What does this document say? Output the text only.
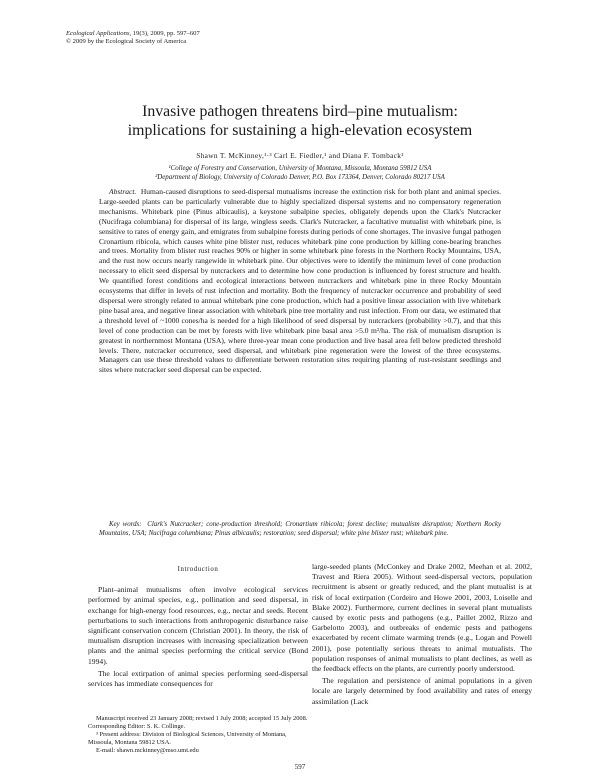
Ecological Applications, 19(3), 2009, pp. 597–607
© 2009 by the Ecological Society of America
Invasive pathogen threatens bird–pine mutualism:
implications for sustaining a high-elevation ecosystem
Shawn T. McKinney,¹·³ Carl E. Fiedler,¹ and Diana F. Tomback²
¹College of Forestry and Conservation, University of Montana, Missoula, Montana 59812 USA
²Department of Biology, University of Colorado Denver, P.O. Box 173364, Denver, Colorado 80217 USA

Abstract. Human-caused disruptions to seed-dispersal mutualisms increase the extinction risk for both plant and animal species. Large-seeded plants can be particularly vulnerable due to highly specialized dispersal systems and no compensatory regeneration mechanisms. Whitebark pine (Pinus albicaulis), a keystone subalpine species, obligately depends upon the Clark's Nutcracker (Nucifraga columbiana) for dispersal of its large, wingless seeds. Clark's Nutcracker, a facultative mutualist with whitebark pine, is sensitive to rates of energy gain, and emigrates from subalpine forests during periods of cone shortages. The invasive fungal pathogen Cronartium ribicola, which causes white pine blister rust, reduces whitebark pine cone production by killing cone-bearing branches and trees. Mortality from blister rust reaches 90% or higher in some whitebark pine forests in the Northern Rocky Mountains, USA, and the rust now occurs nearly rangewide in whitebark pine. Our objectives were to identify the minimum level of cone production necessary to elicit seed dispersal by nutcrackers and to determine how cone production is influenced by forest structure and health. We quantified forest conditions and ecological interactions between nutcrackers and whitebark pine in three Rocky Mountain ecosystems that differ in levels of rust infection and mortality. Both the frequency of nutcracker occurrence and probability of seed dispersal were strongly related to annual whitebark pine cone production, which had a positive linear association with live whitebark pine basal area, and negative linear association with whitebark pine tree mortality and rust infection. From our data, we estimated that a threshold level of ~1000 cones/ha is needed for a high likelihood of seed dispersal by nutcrackers (probability >0.7), and that this level of cone production can be met by forests with live whitebark pine basal area >5.0 m²/ha. The risk of mutualism disruption is greatest in northernmost Montana (USA), where three-year mean cone production and live basal area fell below predicted threshold levels. There, nutcracker occurrence, seed dispersal, and whitebark pine regeneration were the lowest of the three ecosystems. Managers can use these threshold values to differentiate between restoration sites requiring planting of rust-resistant seedlings and sites where nutcracker seed dispersal can be expected.

Key words: Clark's Nutcracker; cone-production threshold; Cronartium ribicola; forest decline; mutualism disruption; Northern Rocky Mountains, USA; Nucifraga columbiana; Pinus albicaulis; restoration; seed dispersal; white pine blister rust; whitebark pine.
Introduction

Plant–animal mutualisms often involve ecological services performed by animal species, e.g., pollination and seed dispersal, in exchange for high-energy food resources, e.g., nectar and seeds. Recent perturbations to such interactions from anthropogenic disturbance raise significant conservation concern (Christian 2001). In theory, the risk of mutualism disruption increases with increasing specialization between plants and the animal species performing the critical service (Bond 1994).

The local extirpation of animal species performing seed-dispersal services has immediate consequences for

large-seeded plants (McConkey and Drake 2002, Meehan et al. 2002, Travest and Riera 2005). Without seed-dispersal vectors, population recruitment is absent or greatly reduced, and the plant mutualist is at risk of local extirpation (Cordeiro and Howe 2001, 2003, Loiselle and Blake 2002). Furthermore, current declines in several plant mutualists caused by exotic pests and pathogens (e.g., Paillet 2002, Rizzo and Garbelotto 2003), and outbreaks of endemic pests and pathogens exacerbated by recent climate warming trends (e.g., Logan and Powell 2001), pose potentially serious threats to animal mutualists. The population responses of animal mutualists to plant declines, as well as the feedback effects on the plants, are currently poorly understood.

The regulation and persistence of animal populations in a given locale are largely determined by food availability and rates of energy assimilation (Lack

Manuscript received 23 January 2008; revised 1 July 2008; accepted 15 July 2008. Corresponding Editor: S. K. Collinge.

³ Present address: Division of Biological Sciences, University of Montana, Missoula, Montana 59812 USA.

E-mail: shawn.mckinney@mso.umt.edu

597
